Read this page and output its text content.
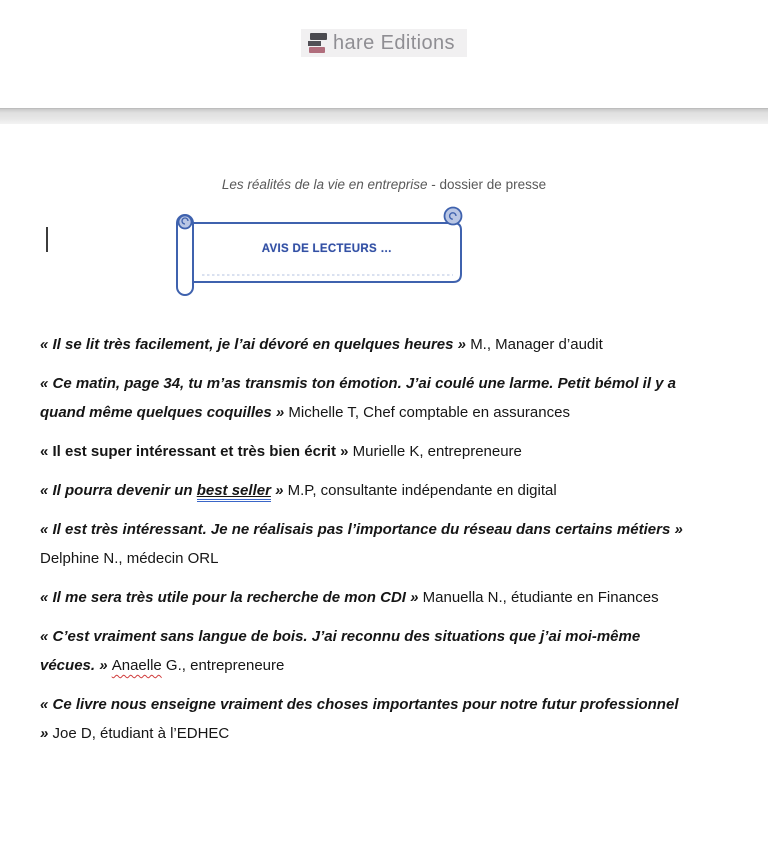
hare Editions
Les réalités de la vie en entreprise - dossier de presse
AVIS DE LECTEURS …

« Il se lit très facilement, je l’ai dévoré en quelques heures » M., Manager d’audit

« Ce matin, page 34, tu m’as transmis ton émotion. J’ai coulé une larme. Petit bémol il y a quand même quelques coquilles » Michelle T, Chef comptable en assurances

« Il est super intéressant et très bien écrit » Murielle K, entrepreneure

« Il pourra devenir un best seller » M.P, consultante indépendante en digital

« Il est très intéressant. Je ne réalisais pas l’importance du réseau dans certains métiers » Delphine N., médecin ORL

« Il me sera très utile pour la recherche de mon CDI » Manuella N., étudiante en Finances

« C’est vraiment sans langue de bois. J’ai reconnu des situations que j’ai moi-même vécues. » Anaelle G., entrepreneure

« Ce livre nous enseigne vraiment des choses importantes pour notre futur professionnel » Joe D, étudiant à l’EDHEC
